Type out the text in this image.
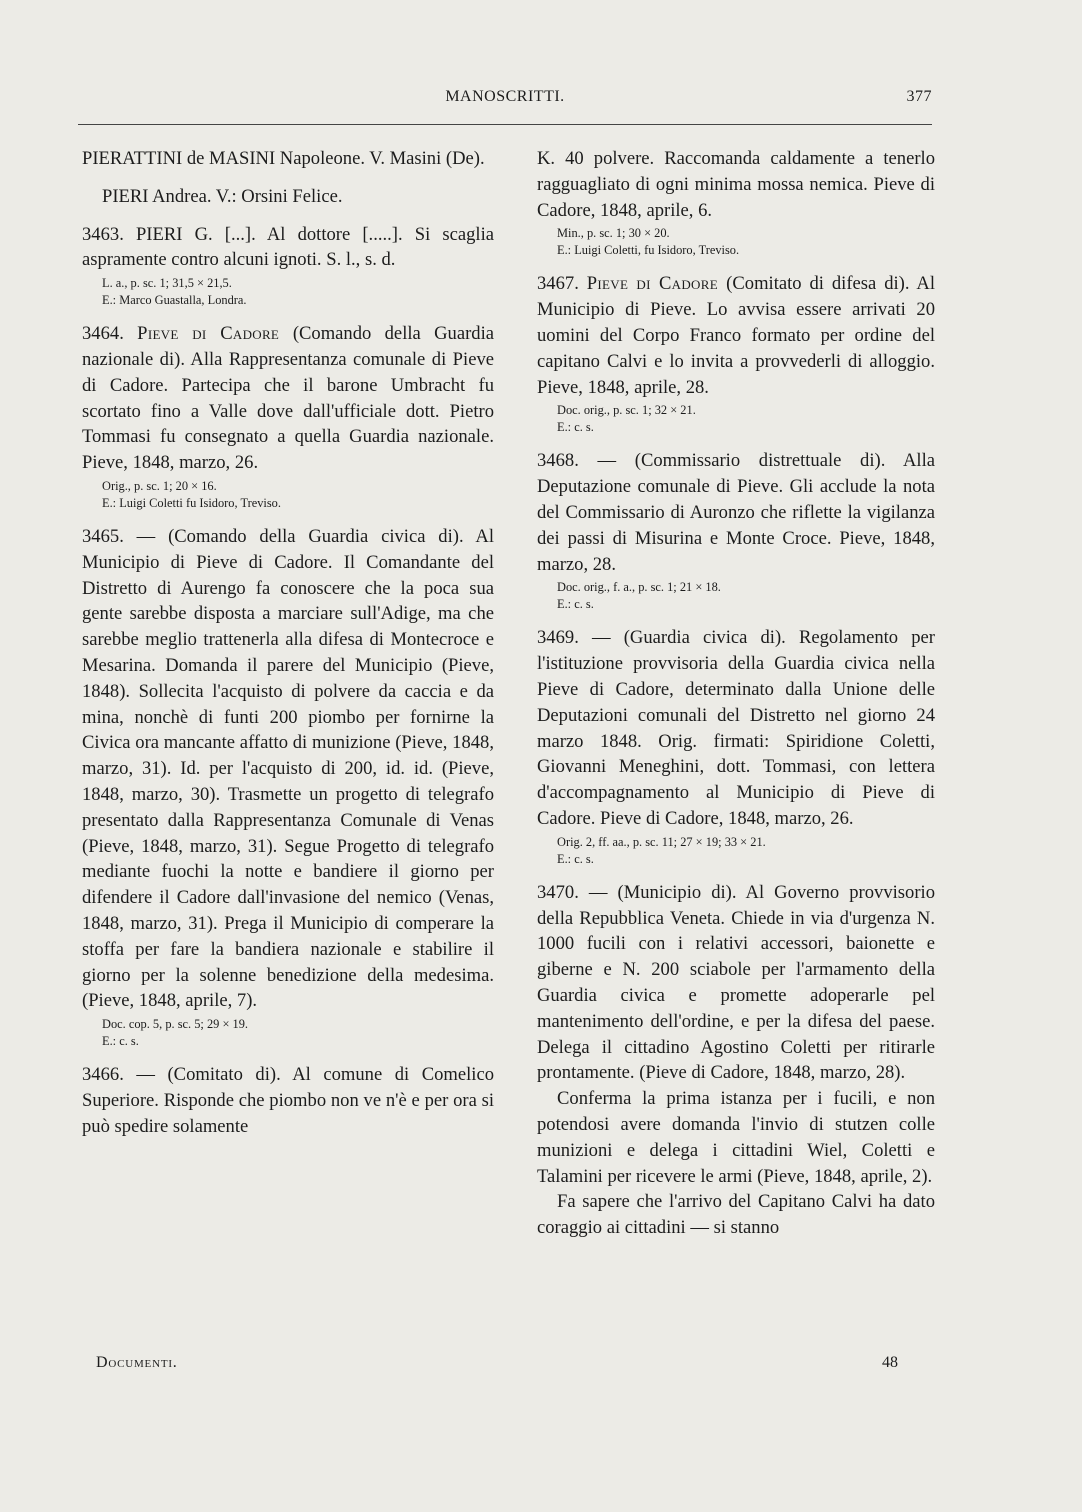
MANOSCRITTI.	377

PIERATTINI de MASINI Napoleone. V. Masini (De).

PIERI Andrea. V.: Orsini Felice.

3463. PIERI G. [...]. Al dottore [.....]. Si scaglia aspramente contro alcuni ignoti. S. l., s. d.

L. a., p. sc. 1; 31,5 × 21,5.
E.: Marco Guastalla, Londra.

3464. Pieve di Cadore (Comando della Guardia nazionale di). Alla Rappresentanza comunale di Pieve di Cadore. Partecipa che il barone Umbracht fu scortato fino a Valle dove dall'ufficiale dott. Pietro Tommasi fu consegnato a quella Guardia nazionale. Pieve, 1848, marzo, 26.

Orig., p. sc. 1; 20 × 16.
E.: Luigi Coletti fu Isidoro, Treviso.

3465. — (Comando della Guardia civica di). Al Municipio di Pieve di Cadore. Il Comandante del Distretto di Aurengo fa conoscere che la poca sua gente sarebbe disposta a marciare sull'Adige, ma che sarebbe meglio trattenerla alla difesa di Montecroce e Mesarina. Domanda il parere del Municipio (Pieve, 1848). Sollecita l'acquisto di polvere da caccia e da mina, nonchè di funti 200 piombo per fornirne la Civica ora mancante affatto di munizione (Pieve, 1848, marzo, 31). Id. per l'acquisto di 200, id. id. (Pieve, 1848, marzo, 30). Trasmette un progetto di telegrafo presentato dalla Rappresentanza Comunale di Venas (Pieve, 1848, marzo, 31). Segue Progetto di telegrafo mediante fuochi la notte e bandiere il giorno per difendere il Cadore dall'invasione del nemico (Venas, 1848, marzo, 31). Prega il Municipio di comperare la stoffa per fare la bandiera nazionale e stabilire il giorno per la solenne benedizione della medesima. (Pieve, 1848, aprile, 7).

Doc. cop. 5, p. sc. 5; 29 × 19.
E.: c. s.

3466. — (Comitato di). Al comune di Comelico Superiore. Risponde che piombo non ve n'è e per ora si può spedire solamente

K. 40 polvere. Raccomanda caldamente a tenerlo ragguagliato di ogni minima mossa nemica. Pieve di Cadore, 1848, aprile, 6.

Min., p. sc. 1; 30 × 20.
E.: Luigi Coletti, fu Isidoro, Treviso.

3467. Pieve di Cadore (Comitato di difesa di). Al Municipio di Pieve. Lo avvisa essere arrivati 20 uomini del Corpo Franco formato per ordine del capitano Calvi e lo invita a provvederli di alloggio. Pieve, 1848, aprile, 28.

Doc. orig., p. sc. 1; 32 × 21.
E.: c. s.

3468. — (Commissario distrettuale di). Alla Deputazione comunale di Pieve. Gli acclude la nota del Commissario di Auronzo che riflette la vigilanza dei passi di Misurina e Monte Croce. Pieve, 1848, marzo, 28.

Doc. orig., f. a., p. sc. 1; 21 × 18.
E.: c. s.

3469. — (Guardia civica di). Regolamento per l'istituzione provvisoria della Guardia civica nella Pieve di Cadore, determinato dalla Unione delle Deputazioni comunali del Distretto nel giorno 24 marzo 1848. Orig. firmati: Spiridione Coletti, Giovanni Meneghini, dott. Tommasi, con lettera d'accompagnamento al Municipio di Pieve di Cadore. Pieve di Cadore, 1848, marzo, 26.

Orig. 2, ff. aa., p. sc. 11; 27 × 19; 33 × 21.
E.: c. s.

3470. — (Municipio di). Al Governo provvisorio della Repubblica Veneta. Chiede in via d'urgenza N. 1000 fucili con i relativi accessori, baionette e giberne e N. 200 sciabole per l'armamento della Guardia civica e promette adoperarle pel mantenimento dell'ordine, e per la difesa del paese. Delega il cittadino Agostino Coletti per ritirarle prontamente. (Pieve di Cadore, 1848, marzo, 28).

Conferma la prima istanza per i fucili, e non potendosi avere domanda l'invio di stutzen colle munizioni e delega i cittadini Wiel, Coletti e Talamini per ricevere le armi (Pieve, 1848, aprile, 2).

Fa sapere che l'arrivo del Capitano Calvi ha dato coraggio ai cittadini — si stanno

Documenti.	48
